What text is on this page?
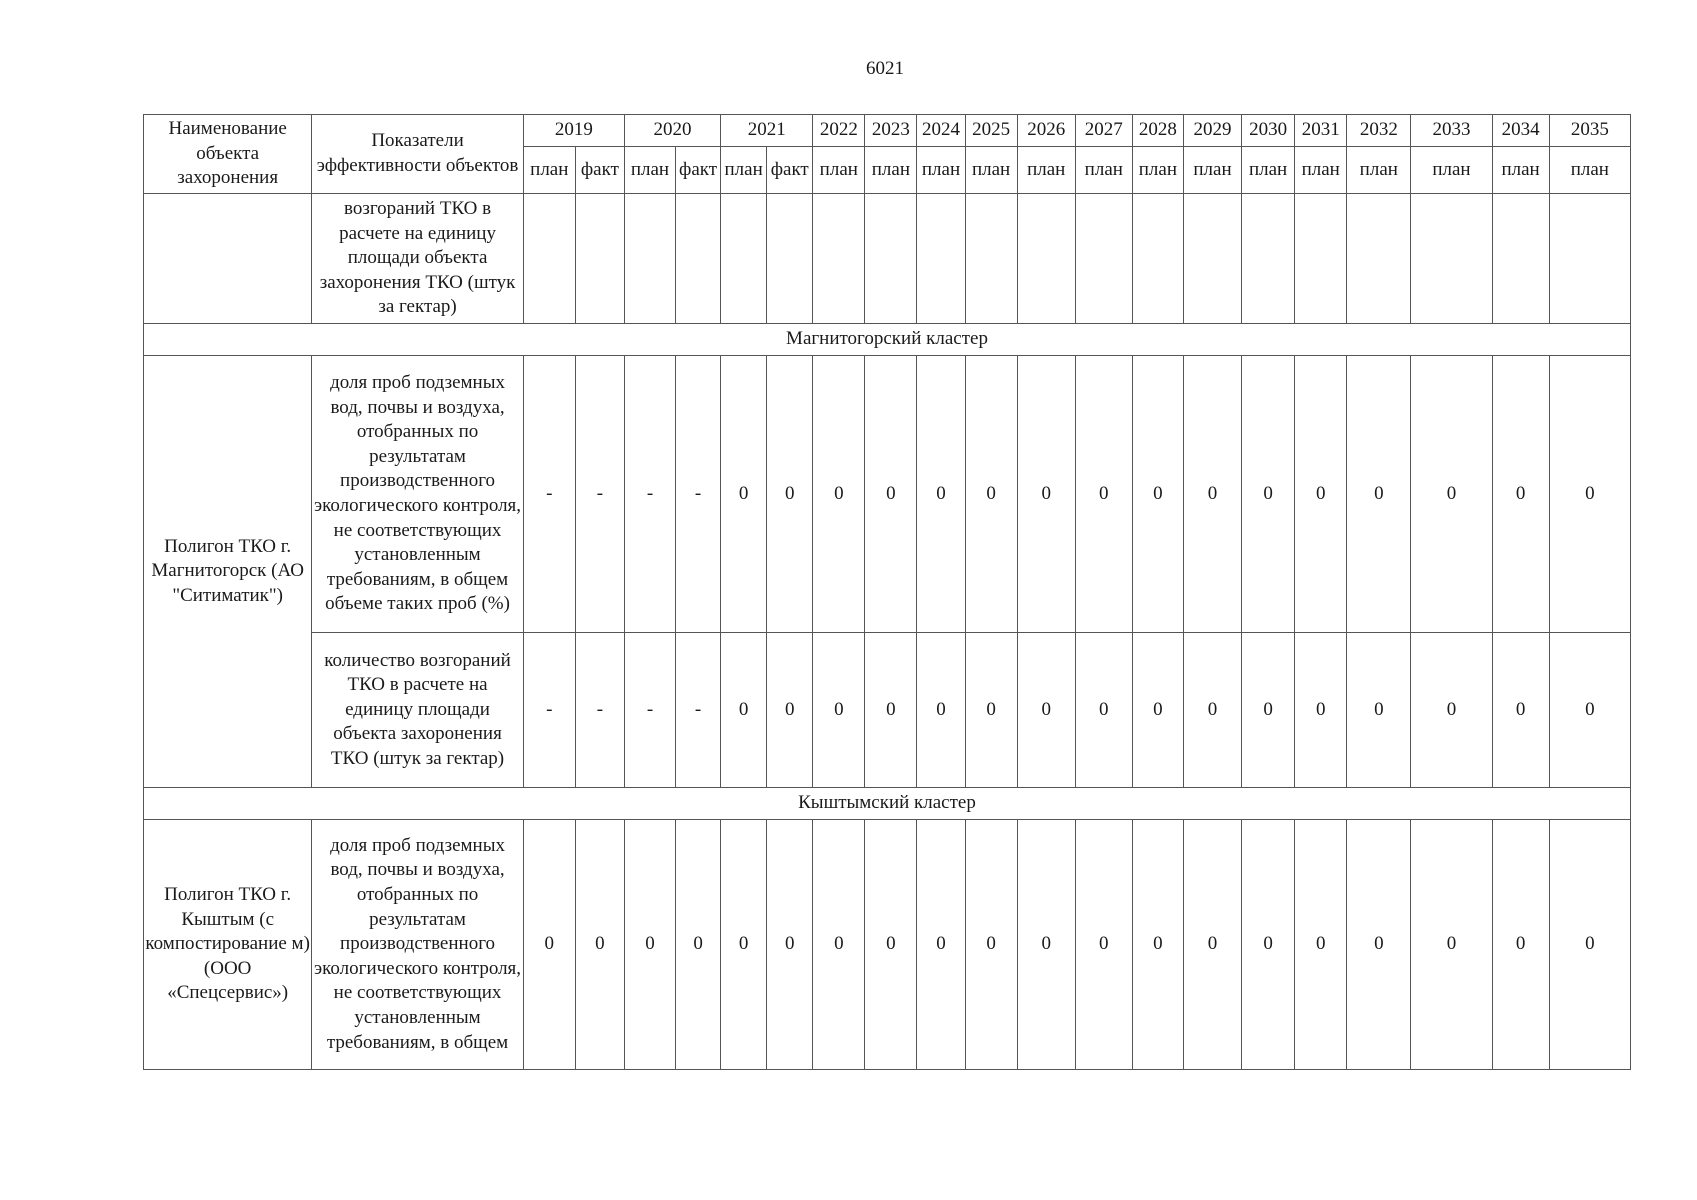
6021
Наименование объекта захоронения	Показатели эффективности объектов	2019		2020		2021		2022	2023	2024	2025	2026	2027	2028	2029	2030	2031	2032	2033	2034	2035
		план	факт	план	факт	план	факт	план	план	план	план	план	план	план	план	план	план	план	план	план	план
	возгораний ТКО в расчете на единицу площади объекта захоронения ТКО (штук за гектар)																				
Магнитогорский кластер																					
Полигон ТКО г. Магнитогорск (АО "Ситиматик")	доля проб подземных вод, почвы и воздуха, отобранных по результатам производственного экологического контроля, не соответствующих установленным требованиям, в общем объеме таких проб (%)	-	-	-	-	0	0	0	0	0	0	0	0	0	0	0	0	0	0	0	0
	количество возгораний ТКО в расчете на единицу площади объекта захоронения ТКО (штук за гектар)	-	-	-	-	0	0	0	0	0	0	0	0	0	0	0	0	0	0	0	0
Кыштымский кластер																					
Полигон ТКО г. Кыштым (с компостирование м) (ООО «Спецсервис»)	доля проб подземных вод, почвы и воздуха, отобранных по результатам производственного экологического контроля, не соответствующих установленным требованиям, в общем	0	0	0	0	0	0	0	0	0	0	0	0	0	0	0	0	0	0	0	0
